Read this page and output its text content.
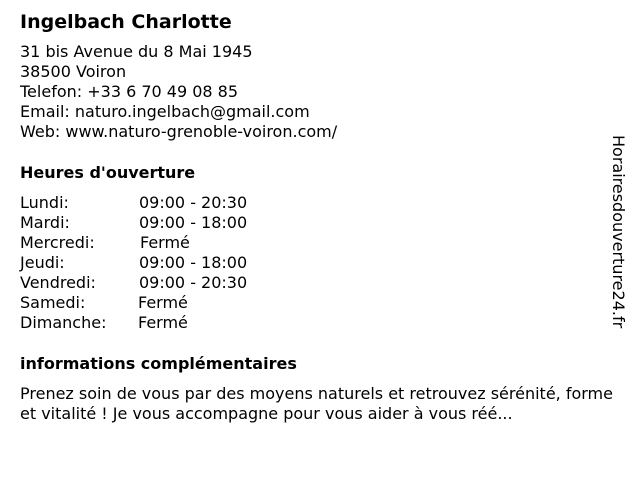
Ingelbach Charlotte
31 bis Avenue du 8 Mai 1945
38500 Voiron
Telefon: +33 6 70 49 08 85
Email: naturo.ingelbach@gmail.com
Web: www.naturo-grenoble-voiron.com/
Heures d'ouverture
Lundi:	09:00 - 20:30
Mardi:	09:00 - 18:00
Mercredi:	Fermé
Jeudi:	09:00 - 18:00
Vendredi:	09:00 - 20:30
Samedi:	Fermé
Dimanche:	Fermé
informations complémentaires
Prenez soin de vous par des moyens naturels et retrouvez sérénité, forme et vitalité ! Je vous accompagne pour vous aider à vous réé...
Horairesdouverture24.fr
